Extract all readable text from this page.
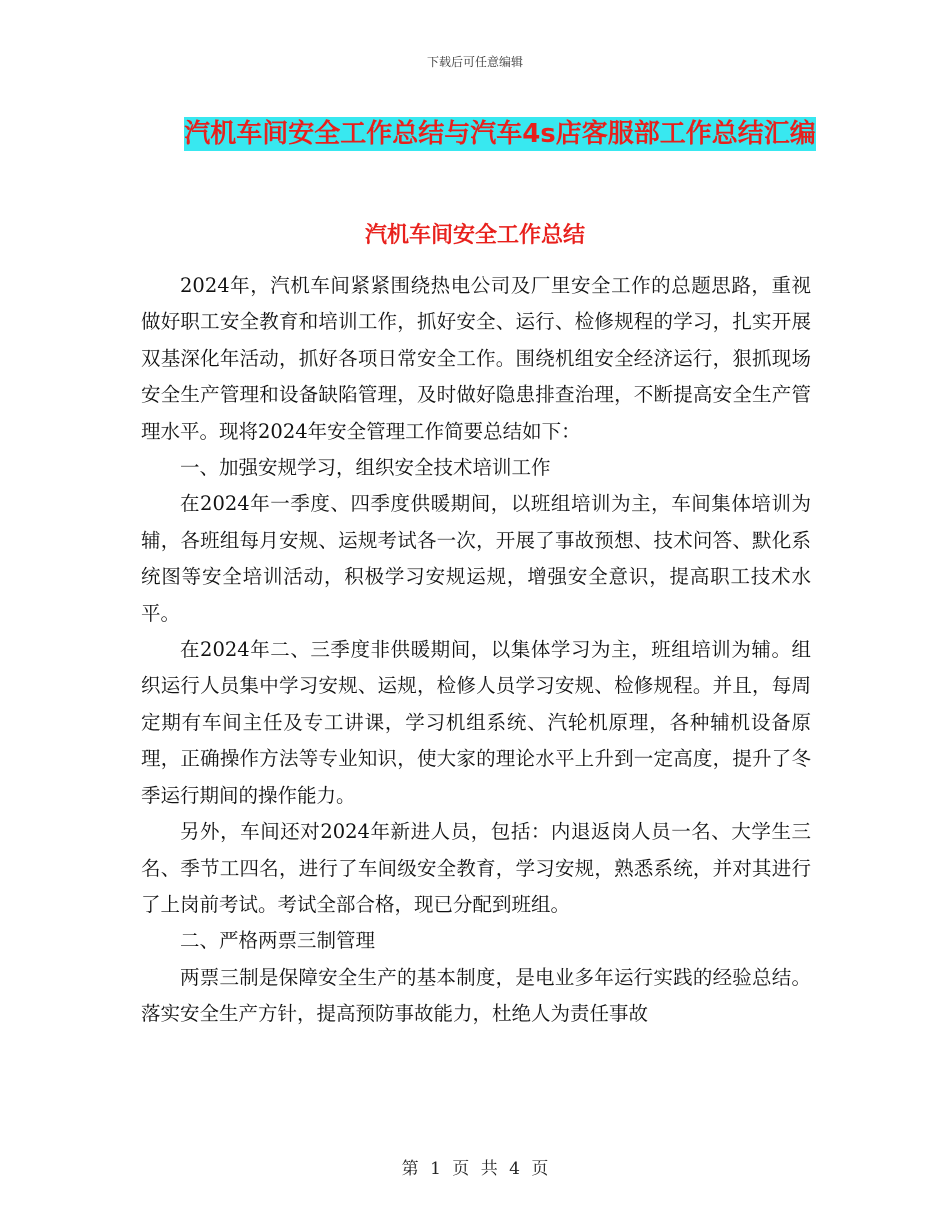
下载后可任意编辑
汽机车间安全工作总结与汽车4s店客服部工作总结汇编
汽机车间安全工作总结

2024年，汽机车间紧紧围绕热电公司及厂里安全工作的总题思路，重视做好职工安全教育和培训工作，抓好安全、运行、检修规程的学习，扎实开展双基深化年活动，抓好各项日常安全工作。围绕机组安全经济运行，狠抓现场安全生产管理和设备缺陷管理，及时做好隐患排查治理，不断提高安全生产管理水平。现将2024年安全管理工作简要总结如下：

一、加强安规学习，组织安全技术培训工作

在2024年一季度、四季度供暖期间，以班组培训为主，车间集体培训为辅，各班组每月安规、运规考试各一次，开展了事故预想、技术问答、默化系统图等安全培训活动，积极学习安规运规，增强安全意识，提高职工技术水平。

在2024年二、三季度非供暖期间，以集体学习为主，班组培训为辅。组织运行人员集中学习安规、运规，检修人员学习安规、检修规程。并且，每周定期有车间主任及专工讲课，学习机组系统、汽轮机原理，各种辅机设备原理，正确操作方法等专业知识，使大家的理论水平上升到一定高度，提升了冬季运行期间的操作能力。

另外，车间还对2024年新进人员，包括：内退返岗人员一名、大学生三名、季节工四名，进行了车间级安全教育，学习安规，熟悉系统，并对其进行了上岗前考试。考试全部合格，现已分配到班组。

二、严格两票三制管理

两票三制是保障安全生产的基本制度，是电业多年运行实践的经验总结。落实安全生产方针，提高预防事故能力，杜绝人为责任事故

第 1 页 共 4 页
